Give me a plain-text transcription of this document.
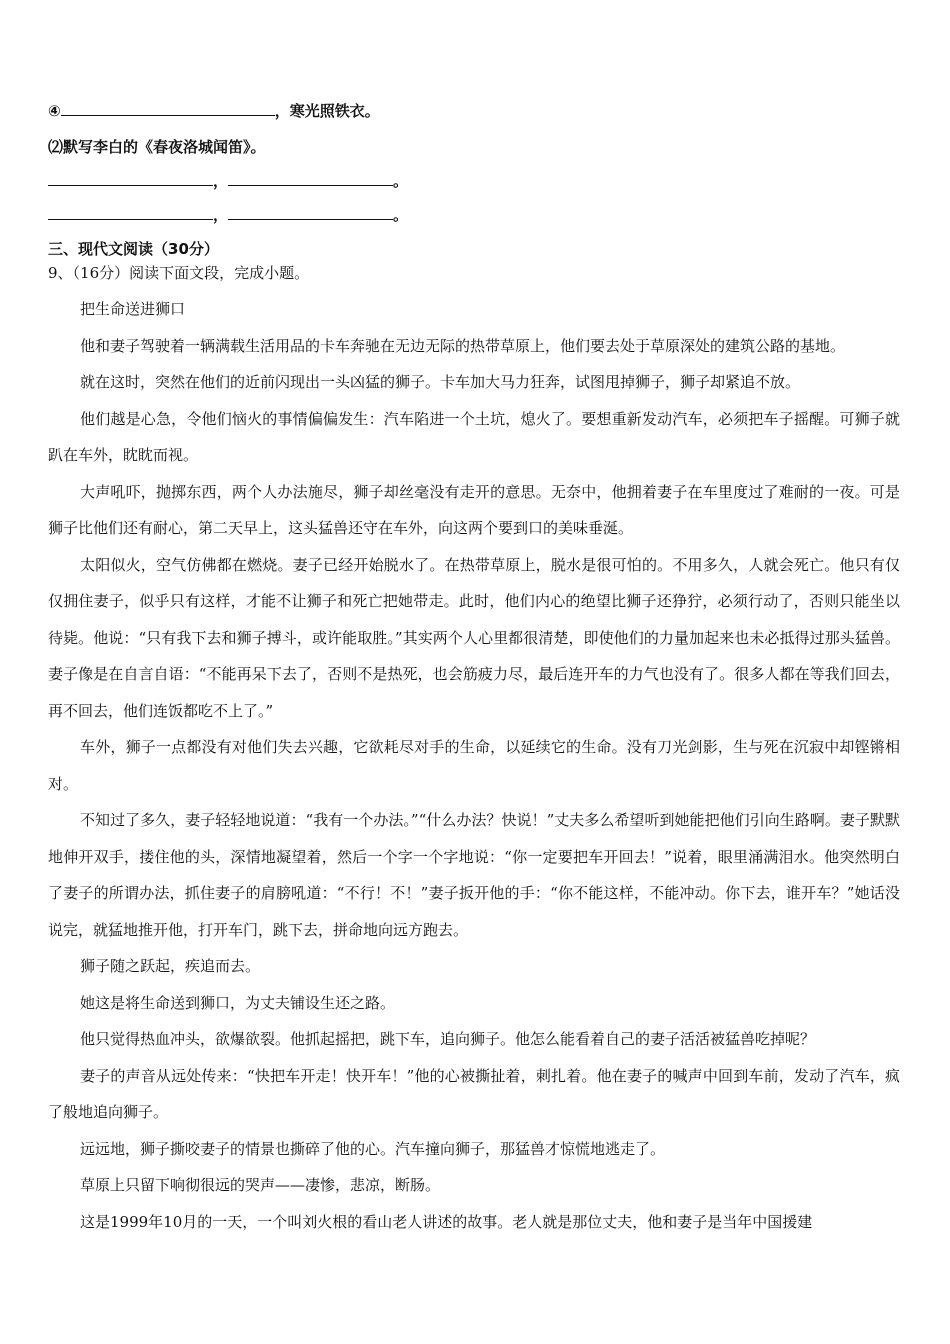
④	，寒光照铁衣。
⑵默写李白的《春夜洛城闻笛》。
，	。
，	。
三、现代文阅读（30分）
9、（16分）阅读下面文段，完成小题。

把生命送进狮口

他和妻子驾驶着一辆满载生活用品的卡车奔驰在无边无际的热带草原上，他们要去处于草原深处的建筑公路的基地。

就在这时，突然在他们的近前闪现出一头凶猛的狮子。卡车加大马力狂奔，试图甩掉狮子，狮子却紧追不放。

他们越是心急，令他们恼火的事情偏偏发生：汽车陷进一个土坑，熄火了。要想重新发动汽车，必须把车子摇醒。可狮子就趴在车外，眈眈而视。

大声吼吓，抛掷东西，两个人办法施尽，狮子却丝毫没有走开的意思。无奈中，他拥着妻子在车里度过了难耐的一夜。可是狮子比他们还有耐心，第二天早上，这头猛兽还守在车外，向这两个要到口的美味垂涎。

太阳似火，空气仿佛都在燃烧。妻子已经开始脱水了。在热带草原上，脱水是很可怕的。不用多久，人就会死亡。他只有仅仅拥住妻子，似乎只有这样，才能不让狮子和死亡把她带走。此时，他们内心的绝望比狮子还狰狞，必须行动了，否则只能坐以待毙。他说：“只有我下去和狮子搏斗，或许能取胜。”其实两个人心里都很清楚，即使他们的力量加起来也未必抵得过那头猛兽。妻子像是在自言自语：“不能再呆下去了，否则不是热死，也会筋疲力尽，最后连开车的力气也没有了。很多人都在等我们回去，再不回去，他们连饭都吃不上了。”

车外，狮子一点都没有对他们失去兴趣，它欲耗尽对手的生命，以延续它的生命。没有刀光剑影，生与死在沉寂中却铿锵相对。

不知过了多久，妻子轻轻地说道：“我有一个办法。”“什么办法？快说！”丈夫多么希望听到她能把他们引向生路啊。妻子默默地伸开双手，搂住他的头，深情地凝望着，然后一个字一个字地说：“你一定要把车开回去！”说着，眼里涌满泪水。他突然明白了妻子的所谓办法，抓住妻子的肩膀吼道：“不行！不！”妻子扳开他的手：“你不能这样，不能冲动。你下去，谁开车？”她话没说完，就猛地推开他，打开车门，跳下去，拼命地向远方跑去。

狮子随之跃起，疾追而去。

她这是将生命送到狮口，为丈夫铺设生还之路。

他只觉得热血冲头，欲爆欲裂。他抓起摇把，跳下车，追向狮子。他怎么能看着自己的妻子活活被猛兽吃掉呢？

妻子的声音从远处传来：“快把车开走！快开车！”他的心被撕扯着，刺扎着。他在妻子的喊声中回到车前，发动了汽车，疯了般地追向狮子。

远远地，狮子撕咬妻子的情景也撕碎了他的心。汽车撞向狮子，那猛兽才惊慌地逃走了。

草原上只留下响彻很远的哭声——凄惨，悲凉，断肠。

这是1999年10月的一天，一个叫刘火根的看山老人讲述的故事。老人就是那位丈夫，他和妻子是当年中国援建
